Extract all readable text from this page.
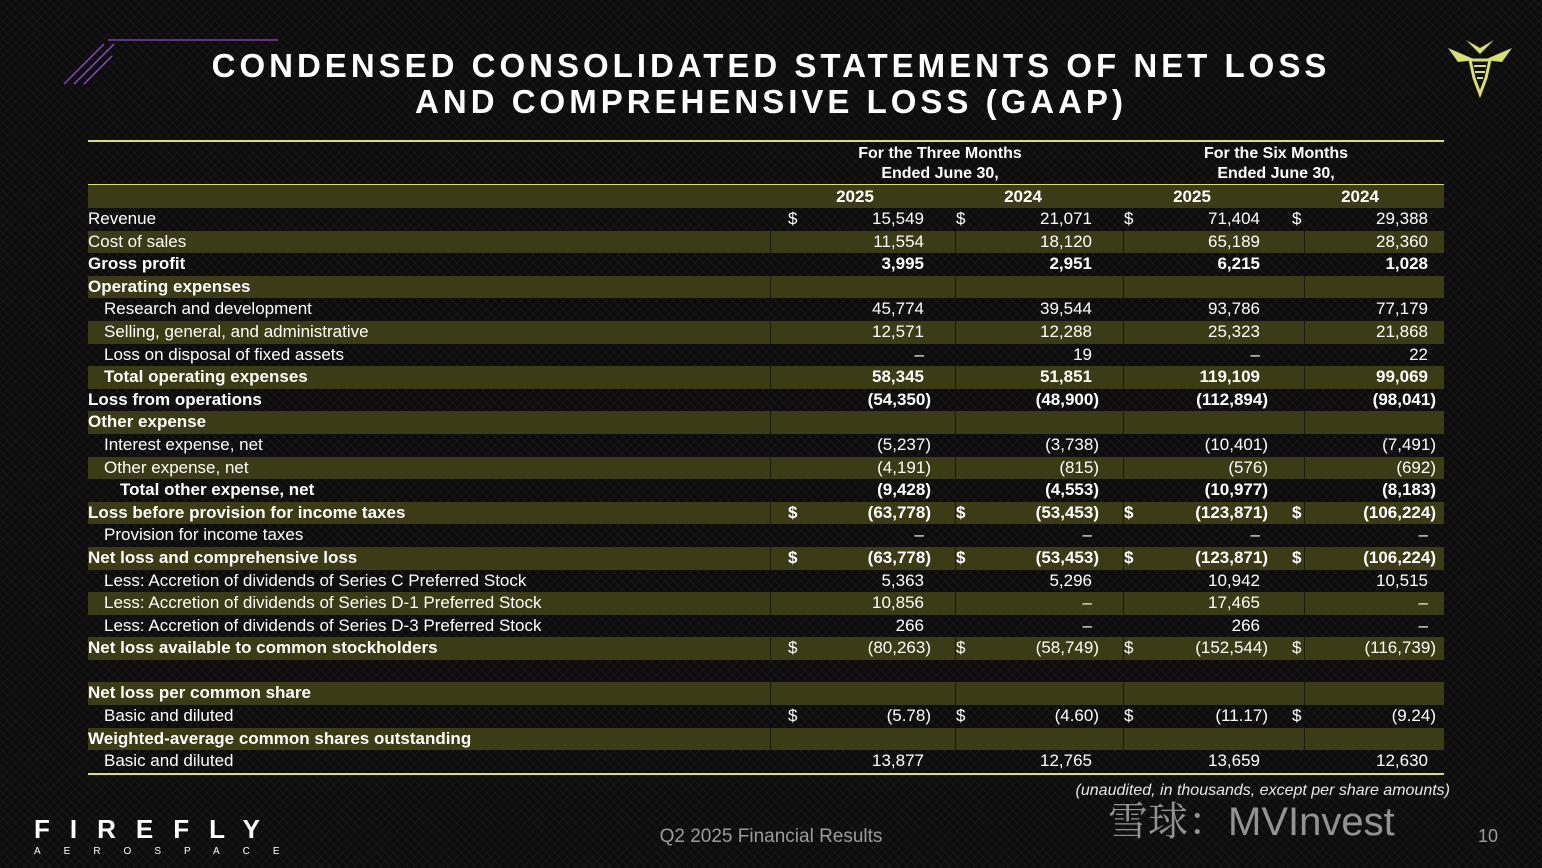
CONDENSED CONSOLIDATED STATEMENTS OF NET LOSS
AND COMPREHENSIVE LOSS (GAAP)
For the Three Months
Ended June 30,
For the Six Months
Ended June 30,
2025	2024	2025	2024
Revenue	$	15,549 $	21,071 $	71,404 $	29,388
Cost of sales	11,554	18,120	65,189	28,360
Gross profit	3,995	2,951	6,215	1,028
Operating expenses
Research and development	45,774	39,544	93,786	77,179
Selling, general, and administrative	12,571	12,288	25,323	21,868
Loss on disposal of fixed assets	–	19	–	22
Total operating expenses	58,345	51,851	119,109	99,069
Loss from operations	(54,350)	(48,900)	(112,894)	(98,041)
Other expense
Interest expense, net	(5,237)	(3,738)	(10,401)	(7,491)
Other expense, net	(4,191)	(815)	(576)	(692)
Total other expense, net	(9,428)	(4,553)	(10,977)	(8,183)
Loss before provision for income taxes	$	(63,778) $	(53,453) $	(123,871) $	(106,224)
Provision for income taxes	–	–	–	–
Net loss and comprehensive loss	$	(63,778) $	(53,453) $	(123,871) $	(106,224)
Less: Accretion of dividends of Series C Preferred Stock	5,363	5,296	10,942	10,515
Less: Accretion of dividends of Series D-1 Preferred Stock	10,856	–	17,465	–
Less: Accretion of dividends of Series D-3 Preferred Stock	266	–	266	–
Net loss available to common stockholders	$	(80,263) $	(58,749) $	(152,544) $	(116,739)
Net loss per common share
Basic and diluted	$	(5.78) $	(4.60) $	(11.17) $	(9.24)
Weighted-average common shares outstanding
Basic and diluted	13,877	12,765	13,659	12,630
(unaudited, in thousands, except per share amounts)
FIREFLY
AEROSPACE
Q2 2025 Financial Results	10
雪球：MVInvest
